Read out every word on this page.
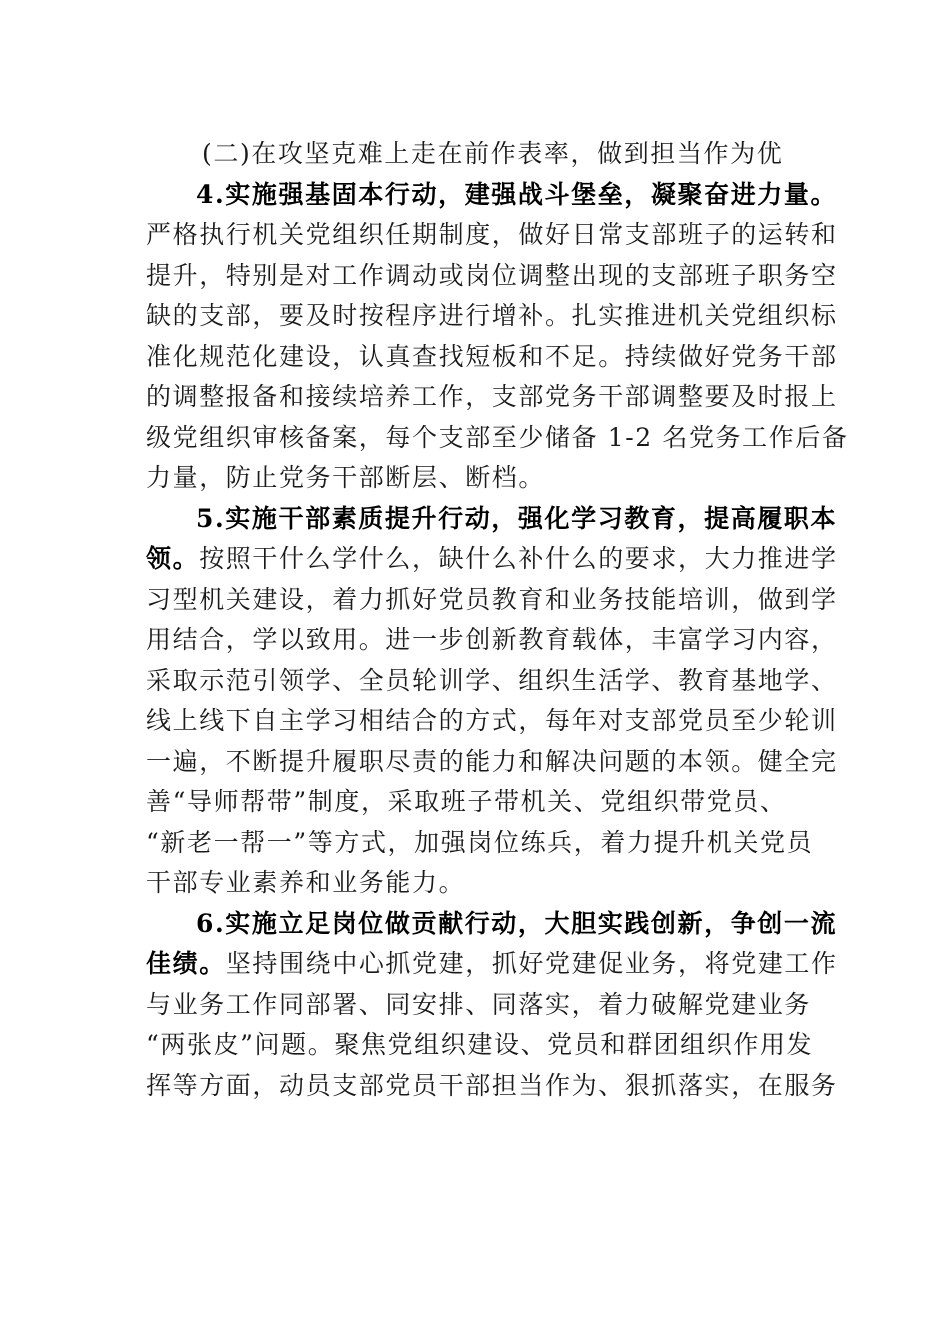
(二)在攻坚克难上走在前作表率，做到担当作为优
4.实施强基固本行动，建强战斗堡垒，凝聚奋进力量。
严格执行机关党组织任期制度，做好日常支部班子的运转和
提升，特别是对工作调动或岗位调整出现的支部班子职务空
缺的支部，要及时按程序进行增补。扎实推进机关党组织标
准化规范化建设，认真查找短板和不足。持续做好党务干部
的调整报备和接续培养工作，支部党务干部调整要及时报上
级党组织审核备案，每个支部至少储备 1-2 名党务工作后备
力量，防止党务干部断层、断档。
5.实施干部素质提升行动，强化学习教育，提高履职本
领。按照干什么学什么，缺什么补什么的要求，大力推进学
习型机关建设，着力抓好党员教育和业务技能培训，做到学
用结合，学以致用。进一步创新教育载体，丰富学习内容，
采取示范引领学、全员轮训学、组织生活学、教育基地学、
线上线下自主学习相结合的方式，每年对支部党员至少轮训
一遍，不断提升履职尽责的能力和解决问题的本领。健全完
善“导师帮带”制度，采取班子带机关、党组织带党员、
“新老一帮一”等方式，加强岗位练兵，着力提升机关党员
干部专业素养和业务能力。
6.实施立足岗位做贡献行动，大胆实践创新，争创一流
佳绩。坚持围绕中心抓党建，抓好党建促业务，将党建工作
与业务工作同部署、同安排、同落实，着力破解党建业务
“两张皮”问题。聚焦党组织建设、党员和群团组织作用发
挥等方面，动员支部党员干部担当作为、狠抓落实，在服务
